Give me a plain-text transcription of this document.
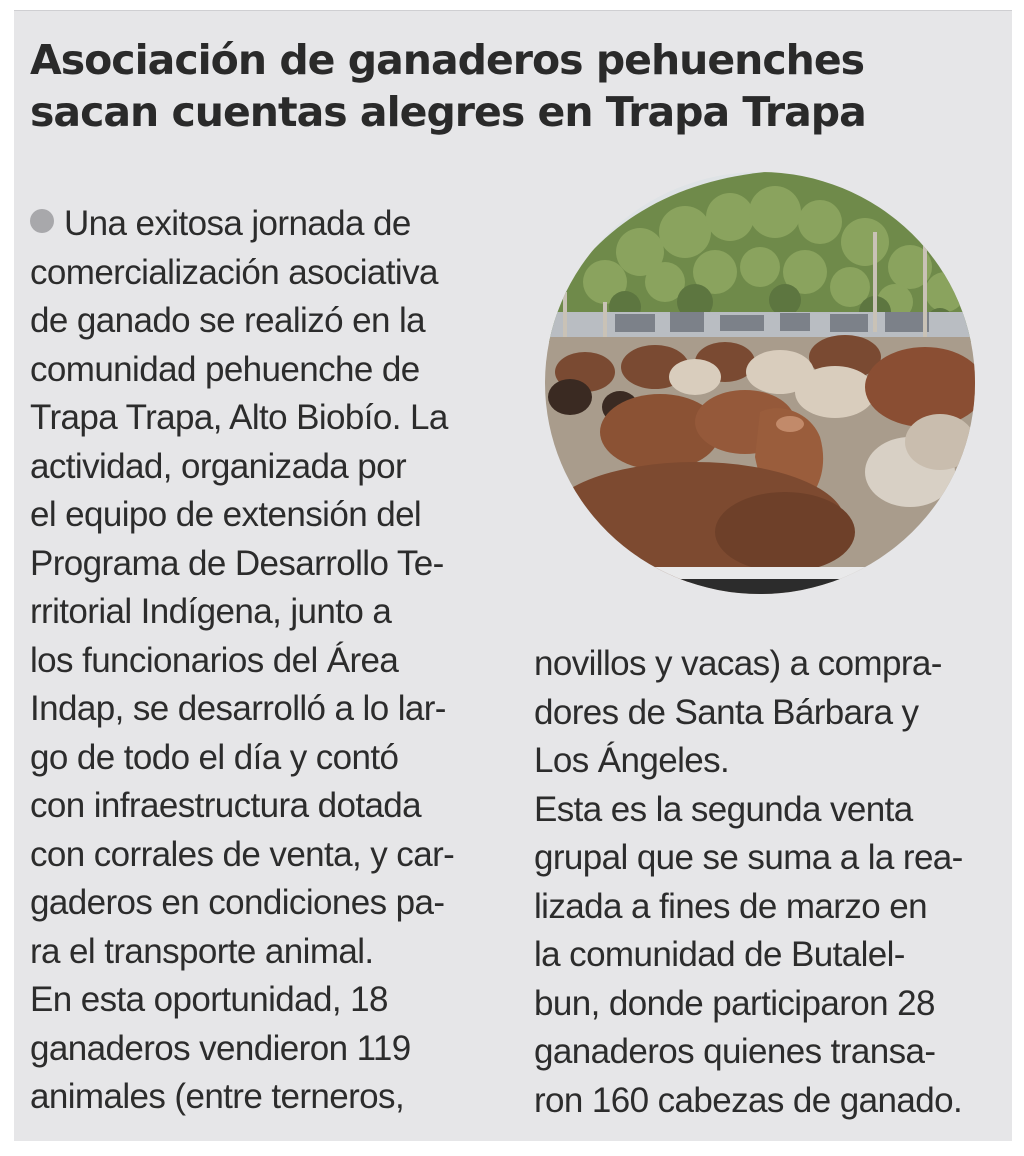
Asociación de ganaderos pehuenches
sacan cuentas alegres en Trapa Trapa
Una exitosa jornada de
comercialización asociativa
de ganado se realizó en la
comunidad pehuenche de
Trapa Trapa, Alto Biobío. La
actividad, organizada por
el equipo de extensión del
Programa de Desarrollo Te-
rritorial Indígena, junto a
los funcionarios del Área
Indap, se desarrolló a lo lar-
go de todo el día y contó
con infraestructura dotada
con corrales de venta, y car-
gaderos en condiciones pa-
ra el transporte animal.
En esta oportunidad, 18
ganaderos vendieron 119
animales (entre terneros,
novillos y vacas) a compra-
dores de Santa Bárbara y
Los Ángeles.
Esta es la segunda venta
grupal que se suma a la rea-
lizada a fines de marzo en
la comunidad de Butalel-
bun, donde participaron 28
ganaderos quienes transa-
ron 160 cabezas de ganado.
